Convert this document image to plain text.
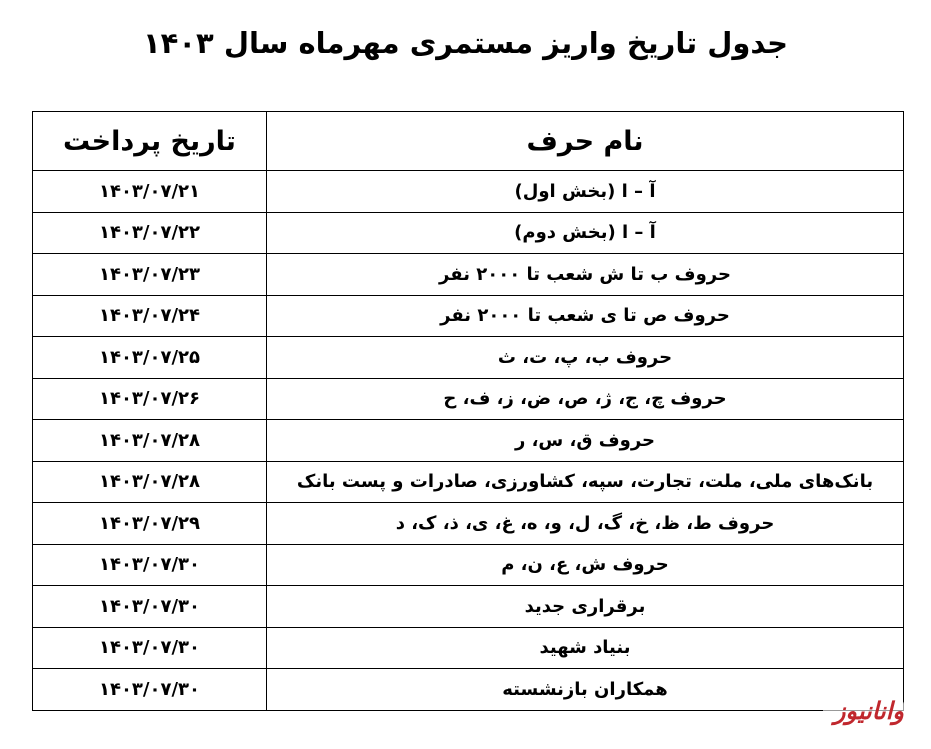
جدول تاریخ واریز مستمری مهرماه سال ۱۴۰۳
نام حرف	تاریخ پرداخت
آ – ا (بخش اول)	۱۴۰۳/۰۷/۲۱
آ – ا (بخش دوم)	۱۴۰۳/۰۷/۲۲
حروف ب تا ش شعب تا ۲۰۰۰ نفر	۱۴۰۳/۰۷/۲۳
حروف ص تا ی شعب تا ۲۰۰۰ نفر	۱۴۰۳/۰۷/۲۴
حروف ب، پ، ت، ث	۱۴۰۳/۰۷/۲۵
حروف چ، ج، ژ، ص، ض، ز، ف، ح	۱۴۰۳/۰۷/۲۶
حروف ق، س، ر	۱۴۰۳/۰۷/۲۸
بانک‌های ملی، ملت، تجارت، سپه، کشاورزی، صادرات و پست بانک	۱۴۰۳/۰۷/۲۸
حروف ط، ظ، خ، گ، ل، و، ه، غ، ی، ذ، ک، د	۱۴۰۳/۰۷/۲۹
حروف ش، ع، ن، م	۱۴۰۳/۰۷/۳۰
برقراری جدید	۱۴۰۳/۰۷/۳۰
بنیاد شهید	۱۴۰۳/۰۷/۳۰
همکاران بازنشسته	۱۴۰۳/۰۷/۳۰
وانانیوز
